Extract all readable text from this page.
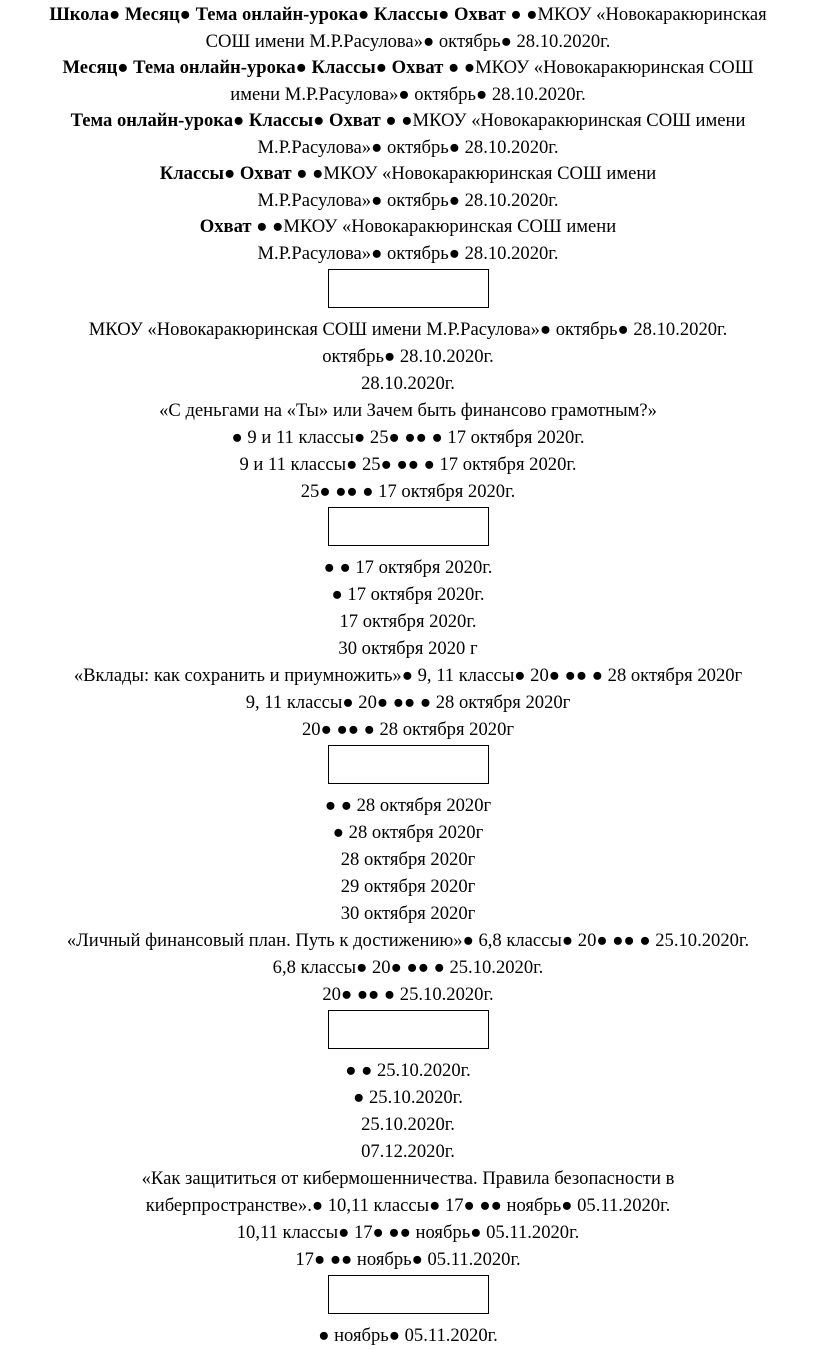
Школа● Месяц● Тема онлайн-урока● Классы● Охват ● ●МКОУ «Новокаракюринская
СОШ имени М.Р.Расулова»● октябрь● 28.10.2020г.
Месяц● Тема онлайн-урока● Классы● Охват ● ●МКОУ «Новокаракюринская СОШ
имени М.Р.Расулова»● октябрь● 28.10.2020г.
Тема онлайн-урока● Классы● Охват ● ●МКОУ «Новокаракюринская СОШ имени
М.Р.Расулова»● октябрь● 28.10.2020г.
Классы● Охват ● ●МКОУ «Новокаракюринская СОШ имени
М.Р.Расулова»● октябрь● 28.10.2020г.
Охват ● ●МКОУ «Новокаракюринская СОШ имени
М.Р.Расулова»● октябрь● 28.10.2020г.
МКОУ «Новокаракюринская СОШ имени М.Р.Расулова»● октябрь● 28.10.2020г.
октябрь● 28.10.2020г.
28.10.2020г.
«С деньгами на «Ты» или Зачем быть финансово грамотным?»
● 9 и 11 классы● 25● ●● ● 17 октября 2020г.
9 и 11 классы● 25● ●● ● 17 октября 2020г.
25● ●● ● 17 октября 2020г.
● ● 17 октября 2020г.
● 17 октября 2020г.
17 октября 2020г.
30 октября 2020 г
«Вклады: как сохранить и приумножить»● 9, 11 классы● 20● ●● ● 28 октября 2020г
9, 11 классы● 20● ●● ● 28 октября 2020г
20● ●● ● 28 октября 2020г
● ● 28 октября 2020г
● 28 октября 2020г
28 октября 2020г
29 октября 2020г
30 октября 2020г
«Личный финансовый план. Путь к достижению»● 6,8 классы● 20● ●● ● 25.10.2020г.
6,8 классы● 20● ●● ● 25.10.2020г.
20● ●● ● 25.10.2020г.
● ● 25.10.2020г.
● 25.10.2020г.
25.10.2020г.
07.12.2020г.
«Как защититься от кибермошенничества. Правила безопасности в
киберпространстве».● 10,11 классы● 17● ●● ноябрь● 05.11.2020г.
10,11 классы● 17● ●● ноябрь● 05.11.2020г.
17● ●● ноябрь● 05.11.2020г.
● ноябрь● 05.11.2020г.
